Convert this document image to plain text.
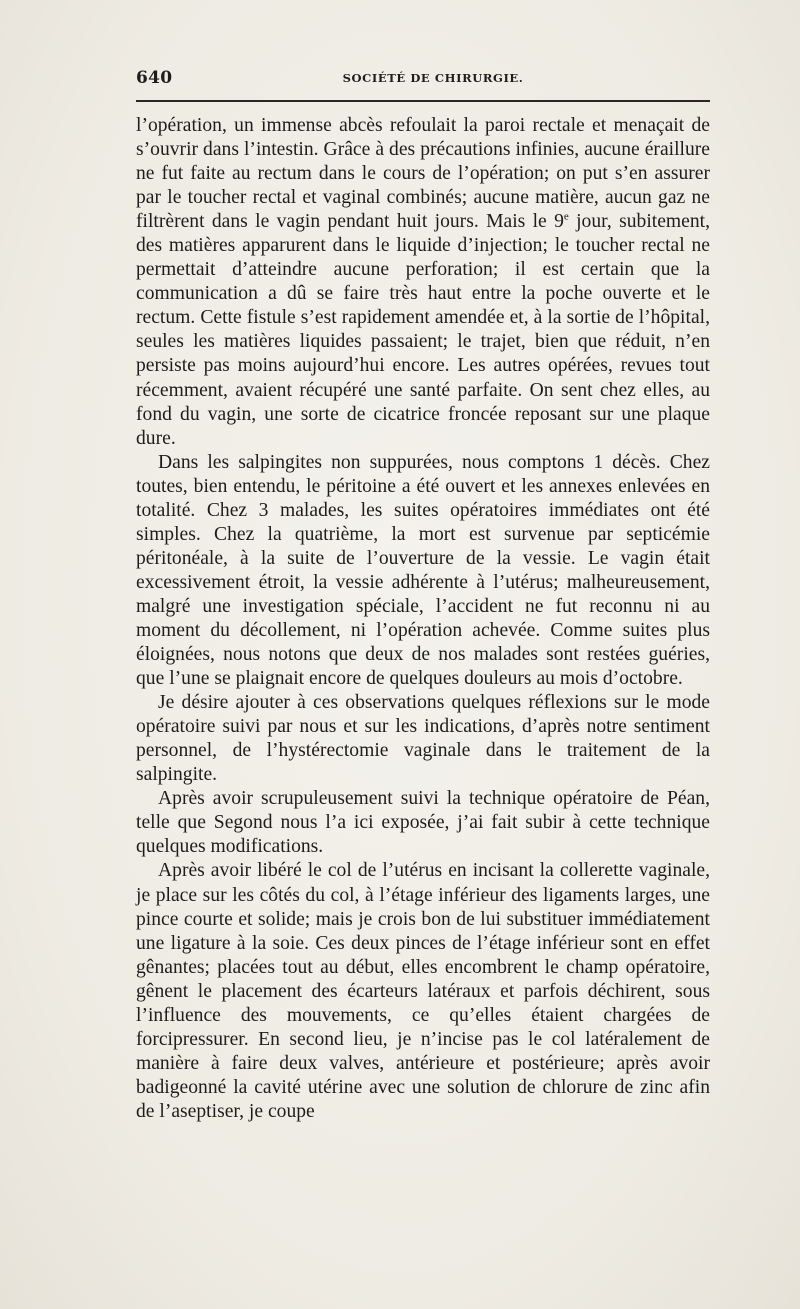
640	SOCIÉTÉ DE CHIRURGIE.

l’opération, un immense abcès refoulait la paroi rectale et menaçait de s’ouvrir dans l’intestin. Grâce à des précautions infinies, aucune éraillure ne fut faite au rectum dans le cours de l’opération; on put s’en assurer par le toucher rectal et vaginal combinés; aucune matière, aucun gaz ne filtrèrent dans le vagin pendant huit jours. Mais le 9e jour, subitement, des matières apparurent dans le liquide d’injection; le toucher rectal ne permettait d’atteindre aucune perforation; il est certain que la communication a dû se faire très haut entre la poche ouverte et le rectum. Cette fistule s’est rapidement amendée et, à la sortie de l’hôpital, seules les matières liquides passaient; le trajet, bien que réduit, n’en persiste pas moins aujourd’hui encore. Les autres opérées, revues tout récemment, avaient récupéré une santé parfaite. On sent chez elles, au fond du vagin, une sorte de cicatrice froncée reposant sur une plaque dure.

Dans les salpingites non suppurées, nous comptons 1 décès. Chez toutes, bien entendu, le péritoine a été ouvert et les annexes enlevées en totalité. Chez 3 malades, les suites opératoires immédiates ont été simples. Chez la quatrième, la mort est survenue par septicémie péritonéale, à la suite de l’ouverture de la vessie. Le vagin était excessivement étroit, la vessie adhérente à l’utérus; malheureusement, malgré une investigation spéciale, l’accident ne fut reconnu ni au moment du décollement, ni l’opération achevée. Comme suites plus éloignées, nous notons que deux de nos malades sont restées guéries, que l’une se plaignait encore de quelques douleurs au mois d’octobre.

Je désire ajouter à ces observations quelques réflexions sur le mode opératoire suivi par nous et sur les indications, d’après notre sentiment personnel, de l’hystérectomie vaginale dans le traitement de la salpingite.

Après avoir scrupuleusement suivi la technique opératoire de Péan, telle que Segond nous l’a ici exposée, j’ai fait subir à cette technique quelques modifications.

Après avoir libéré le col de l’utérus en incisant la collerette vaginale, je place sur les côtés du col, à l’étage inférieur des ligaments larges, une pince courte et solide; mais je crois bon de lui substituer immédiatement une ligature à la soie. Ces deux pinces de l’étage inférieur sont en effet gênantes; placées tout au début, elles encombrent le champ opératoire, gênent le placement des écarteurs latéraux et parfois déchirent, sous l’influence des mouvements, ce qu’elles étaient chargées de forcipressurer. En second lieu, je n’incise pas le col latéralement de manière à faire deux valves, antérieure et postérieure; après avoir badigeonné la cavité utérine avec une solution de chlorure de zinc afin de l’aseptiser, je coupe
